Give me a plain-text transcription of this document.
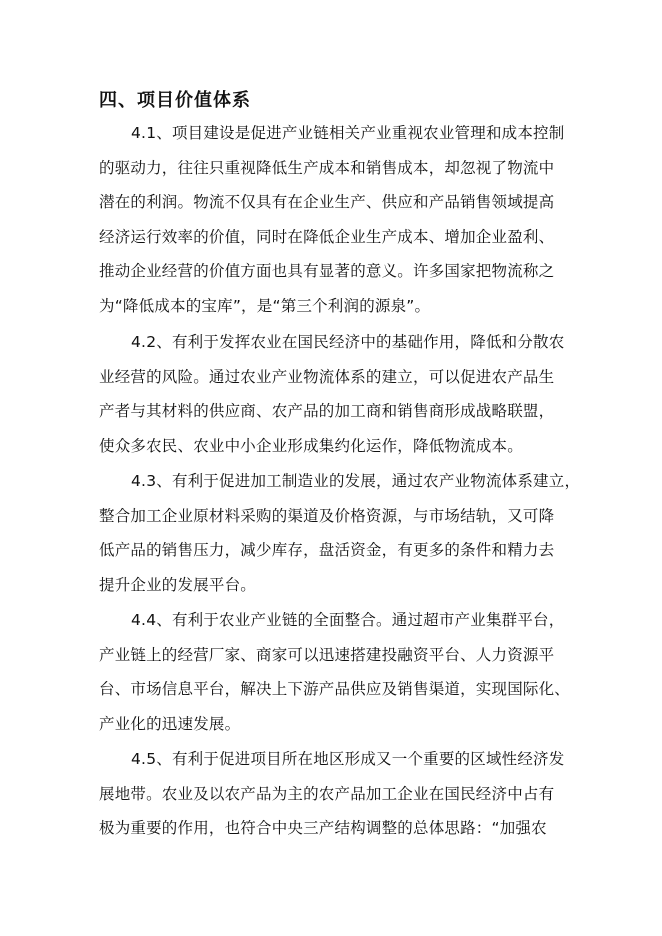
四、项目价值体系
4.1、项目建设是促进产业链相关产业重视农业管理和成本控制
的驱动力，往往只重视降低生产成本和销售成本，却忽视了物流中
潜在的利润。物流不仅具有在企业生产、供应和产品销售领域提高
经济运行效率的价值，同时在降低企业生产成本、增加企业盈利、
推动企业经营的价值方面也具有显著的意义。许多国家把物流称之
为“降低成本的宝库”，是“第三个利润的源泉”。
4.2、有利于发挥农业在国民经济中的基础作用，降低和分散农
业经营的风险。通过农业产业物流体系的建立，可以促进农产品生
产者与其材料的供应商、农产品的加工商和销售商形成战略联盟，
使众多农民、农业中小企业形成集约化运作，降低物流成本。
4.3、有利于促进加工制造业的发展，通过农产业物流体系建立，
整合加工企业原材料采购的渠道及价格资源，与市场结轨，又可降
低产品的销售压力，减少库存，盘活资金，有更多的条件和精力去
提升企业的发展平台。
4.4、有利于农业产业链的全面整合。通过超市产业集群平台，
产业链上的经营厂家、商家可以迅速搭建投融资平台、人力资源平
台、市场信息平台，解决上下游产品供应及销售渠道，实现国际化、
产业化的迅速发展。
4.5、有利于促进项目所在地区形成又一个重要的区域性经济发
展地带。农业及以农产品为主的农产品加工企业在国民经济中占有
极为重要的作用，也符合中央三产结构调整的总体思路：“加强农
